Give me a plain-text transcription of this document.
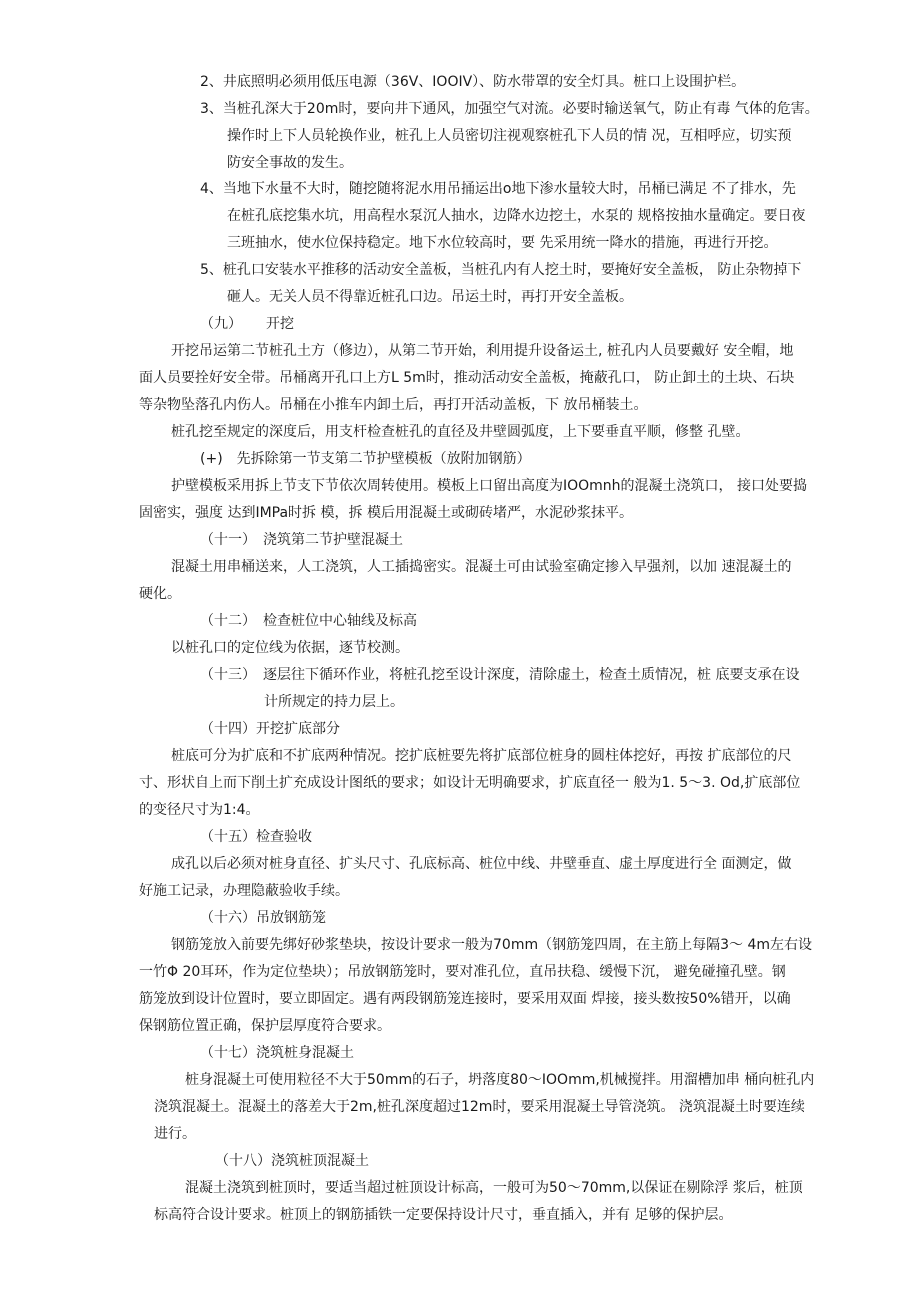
2、井底照明必须用低压电源（36V、IOOIV）、防水带罩的安全灯具。桩口上设围护栏。
3、当桩孔深大于20m时，要向井下通风，加强空气对流。必要时输送氧气，防止有毒 气体的危害。
操作时上下人员轮换作业，桩孔上人员密切注视观察桩孔下人员的情 况，互相呼应，切实预
防安全事故的发生。
4、当地下水量不大时，随挖随将泥水用吊捅运出o地下渗水量较大时，吊桶已满足 不了排水，先
在桩孔底挖集水坑，用高程水泵沉人抽水，边降水边挖土，水泵的 规格按抽水量确定。要日夜
三班抽水，使水位保持稳定。地下水位较高时，要 先采用统一降水的措施，再进行开挖。
5、桩孔口安装水平推移的活动安全盖板，当桩孔内有人挖土时，要掩好安全盖板， 防止杂物掉下
砸人。无关人员不得靠近桩孔口边。吊运土时，再打开安全盖板。
（九） 开挖
开挖吊运第二节桩孔土方（修边），从第二节开始，利用提升设备运土, 桩孔内人员要戴好 安全帽，地
面人员要拴好安全带。吊桶离开孔口上方L 5m时，推动活动安全盖板，掩蔽孔口， 防止卸土的土块、石块
等杂物坠落孔内伤人。吊桶在小推车内卸土后，再打开活动盖板，下 放吊桶装土。
桩孔挖至规定的深度后，用支杆检查桩孔的直径及井壁圆弧度，上下要垂直平顺，修整 孔壁。
(+)　先拆除第一节支第二节护壁模板（放附加钢筋）
护壁模板采用拆上节支下节依次周转使用。模板上口留出高度为IOOmnh的混凝土浇筑口， 接口处要捣
固密实，强度 达到IMPa时拆 模，拆 模后用混凝土或砌砖堵严，水泥砂浆抹平。
（十一）　浇筑第二节护壁混凝土
混凝土用串桶送来，人工浇筑，人工插捣密实。混凝土可由试验室确定掺入早强剂，以加 速混凝土的
硬化。
（十二）　检查桩位中心轴线及标高
以桩孔口的定位线为依据，逐节校测。
（十三）　逐层往下循环作业，将桩孔挖至设计深度，清除虚土，检查土质情况，桩 底要支承在设
计所规定的持力层上。
（十四）开挖扩底部分
桩底可分为扩底和不扩底两种情况。挖扩底桩要先将扩底部位桩身的圆柱体挖好，再按 扩底部位的尺
寸、形状自上而下削土扩充成设计图纸的要求；如设计无明确要求，扩底直径一 般为1. 5～3. Od,扩底部位
的变径尺寸为1:4。
（十五）检查验收
成孔以后必须对桩身直径、扩头尺寸、孔底标高、桩位中线、井壁垂直、虚土厚度进行全 面测定，做
好施工记录，办理隐蔽验收手续。
（十六）吊放钢筋笼
钢筋笼放入前要先绑好砂浆垫块，按设计要求一般为70mm（钢筋笼四周，在主筋上每隔3～ 4m左右设
一竹Φ 20耳环，作为定位垫块）；吊放钢筋笼时，要对准孔位，直吊扶稳、缓慢下沉， 避免碰撞孔壁。钢
筋笼放到设计位置时，要立即固定。遇有两段钢筋笼连接时，要采用双面 焊接，接头数按50%错开，以确
保钢筋位置正确，保护层厚度符合要求。
（十七）浇筑桩身混凝土
桩身混凝土可使用粒径不大于50mm的石子，坍落度80～IOOmm,机械搅拌。用溜槽加串 桶向桩孔内
浇筑混凝土。混凝土的落差大于2m,桩孔深度超过12m时，要采用混凝土导管浇筑。 浇筑混凝土时要连续
进行。
（十八）浇筑桩顶混凝土
混凝土浇筑到桩顶时，要适当超过桩顶设计标高，一般可为50～70mm,以保证在剔除浮 浆后，桩顶
标高符合设计要求。桩顶上的钢筋插铁一定要保持设计尺寸，垂直插入，并有 足够的保护层。
